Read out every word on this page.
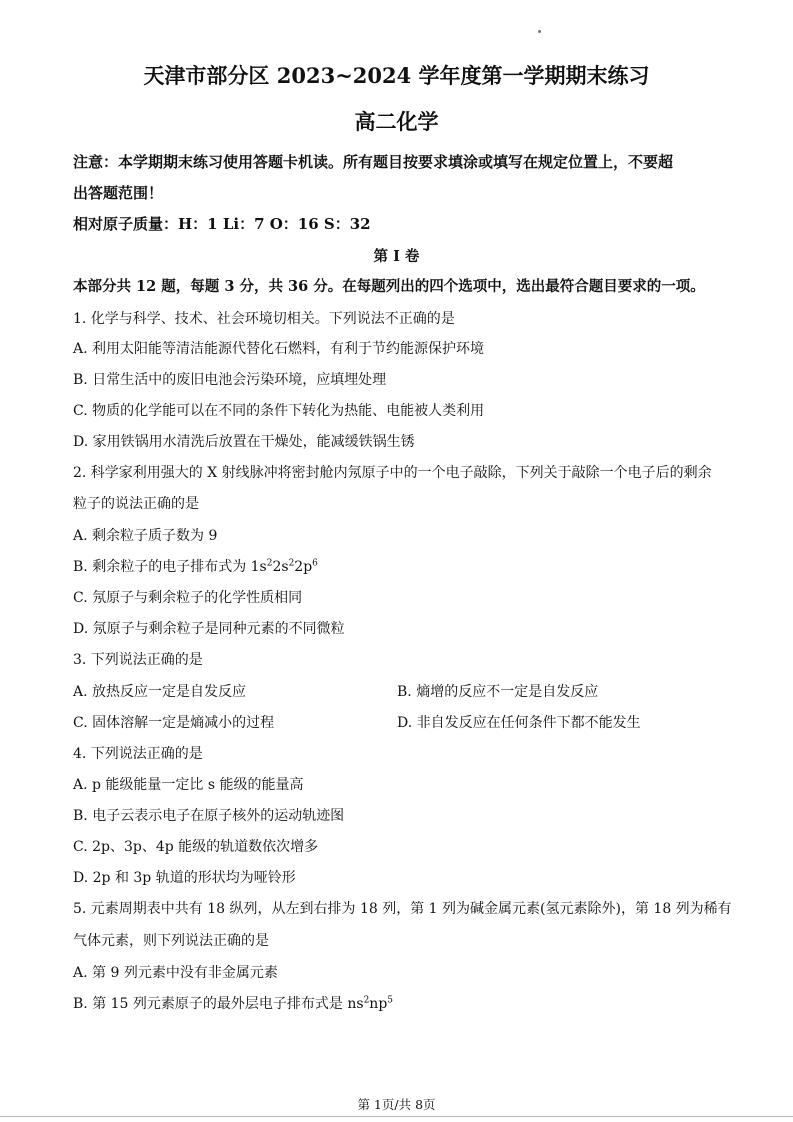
天津市部分区 2023~2024 学年度第一学期期末练习
高二化学
注意：本学期期末练习使用答题卡机读。所有题目按要求填涂或填写在规定位置上，不要超
出答题范围！
相对原子质量：H：1 Li：7 O：16 S：32
第 I 卷
本部分共 12 题，每题 3 分，共 36 分。在每题列出的四个选项中，选出最符合题目要求的一项。
1. 化学与科学、技术、社会环境切相关。下列说法不正确的是
A. 利用太阳能等清洁能源代替化石燃料，有利于节约能源保护环境
B. 日常生活中的废旧电池会污染环境，应填埋处理
C. 物质的化学能可以在不同的条件下转化为热能、电能被人类利用
D. 家用铁锅用水清洗后放置在干燥处，能减缓铁锅生锈
2. 科学家利用强大的 X 射线脉冲将密封舱内氖原子中的一个电子敲除，下列关于敲除一个电子后的剩余
粒子的说法正确的是
A. 剩余粒子质子数为 9
B. 剩余粒子的电子排布式为 $1s^22s^22p^6$
C. 氖原子与剩余粒子的化学性质相同
D. 氖原子与剩余粒子是同种元素的不同微粒
3. 下列说法正确的是
A. 放热反应一定是自发反应	B. 熵增的反应不一定是自发反应
C. 固体溶解一定是熵减小的过程	D. 非自发反应在任何条件下都不能发生
4. 下列说法正确的是
A. p 能级能量一定比 s 能级的能量高
B. 电子云表示电子在原子核外的运动轨迹图
C. 2p、3p、4p 能级的轨道数依次增多
D. 2p 和 3p 轨道的形状均为哑铃形
5. 元素周期表中共有 18 纵列，从左到右排为 18 列，第 1 列为碱金属元素(氢元素除外)，第 18 列为稀有
气体元素，则下列说法正确的是
A. 第 9 列元素中没有非金属元素
B. 第 15 列元素原子的最外层电子排布式是 $ns^2np^5$
第 1页/共 8页
